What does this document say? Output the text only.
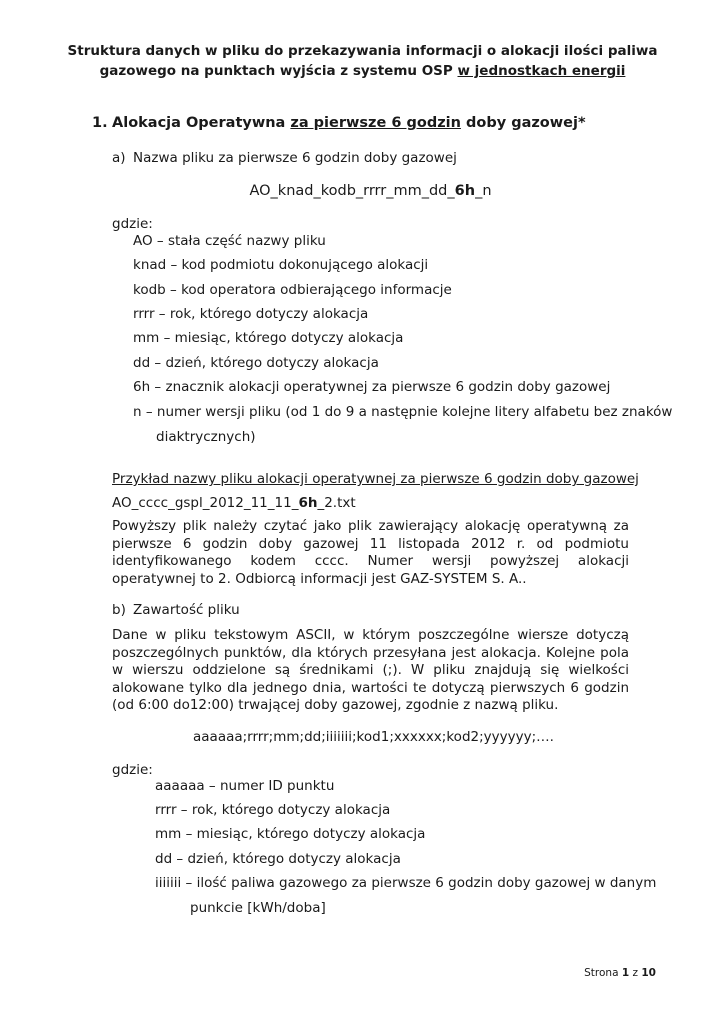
Struktura danych w pliku do przekazywania informacji o alokacji ilości paliwa
gazowego na punktach wyjścia z systemu OSP w jednostkach energii
1. Alokacja Operatywna za pierwsze 6 godzin doby gazowej*
a) Nazwa pliku za pierwsze 6 godzin doby gazowej
AO_knad_kodb_rrrr_mm_dd_6h_n
gdzie:
AO – stała część nazwy pliku
knad – kod podmiotu dokonującego alokacji
kodb – kod operatora odbierającego informacje
rrrr – rok, którego dotyczy alokacja
mm – miesiąc, którego dotyczy alokacja
dd – dzień, którego dotyczy alokacja
6h – znacznik alokacji operatywnej za pierwsze 6 godzin doby gazowej
n – numer wersji pliku (od 1 do 9 a następnie kolejne litery alfabetu bez znaków
diaktrycznych)
Przykład nazwy pliku alokacji operatywnej za pierwsze 6 godzin doby gazowej
AO_cccc_gspl_2012_11_11_6h_2.txt
Powyższy plik należy czytać jako plik zawierający alokację operatywną za pierwsze 6 godzin doby gazowej 11 listopada 2012 r. od podmiotu identyfikowanego kodem cccc. Numer wersji powyższej alokacji operatywnej to 2. Odbiorcą informacji jest GAZ-SYSTEM S. A..
b) Zawartość pliku
Dane w pliku tekstowym ASCII, w którym poszczególne wiersze dotyczą poszczególnych punktów, dla których przesyłana jest alokacja. Kolejne pola w wierszu oddzielone są średnikami (;). W pliku znajdują się wielkości alokowane tylko dla jednego dnia, wartości te dotyczą pierwszych 6 godzin (od 6:00 do12:00) trwającej doby gazowej, zgodnie z nazwą pliku.
aaaaaa;rrrr;mm;dd;iiiiiii;kod1;xxxxxx;kod2;yyyyyy;….
gdzie:
aaaaaa – numer ID punktu
rrrr – rok, którego dotyczy alokacja
mm – miesiąc, którego dotyczy alokacja
dd – dzień, którego dotyczy alokacja
iiiiiii – ilość paliwa gazowego za pierwsze 6 godzin doby gazowej w danym
punkcie [kWh/doba]
Strona 1 z 10
